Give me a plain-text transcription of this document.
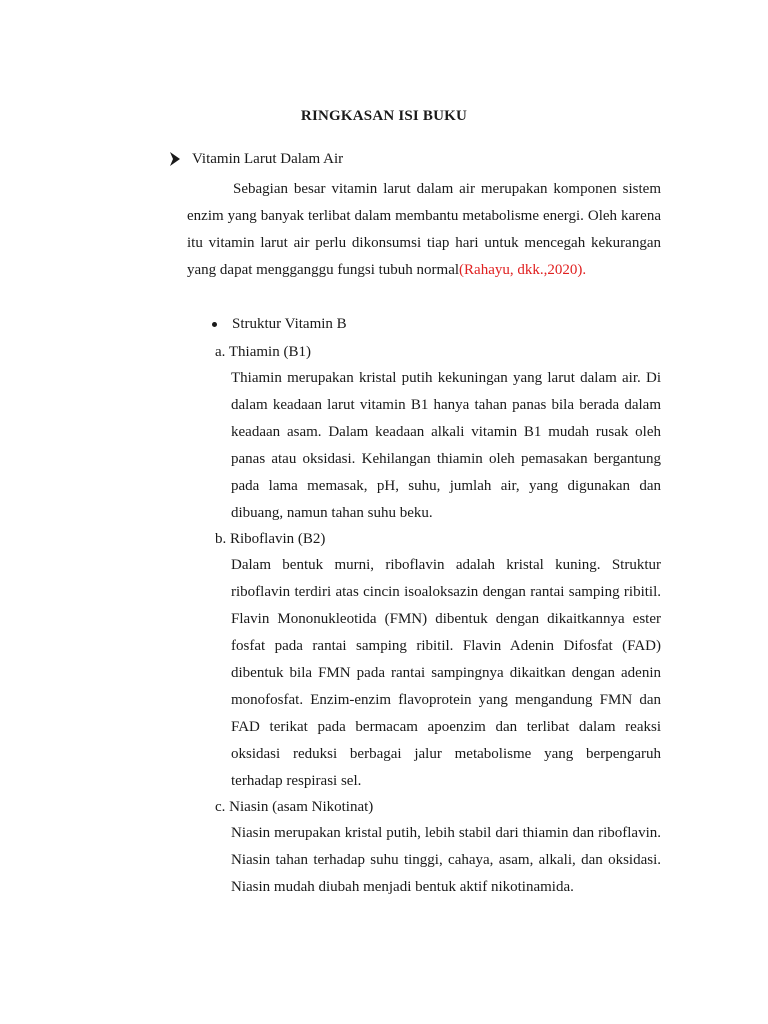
RINGKASAN ISI BUKU
Vitamin Larut Dalam Air
Sebagian besar vitamin larut dalam air merupakan komponen sistem enzim yang banyak terlibat dalam membantu metabolisme energi. Oleh karena itu vitamin larut air perlu dikonsumsi tiap hari untuk mencegah kekurangan yang dapat mengganggu fungsi tubuh normal(Rahayu, dkk.,2020).
Struktur Vitamin B
a. Thiamin (B1)
Thiamin merupakan kristal putih kekuningan yang larut dalam air. Di dalam keadaan larut vitamin B1 hanya tahan panas bila berada dalam keadaan asam. Dalam keadaan alkali vitamin B1 mudah rusak oleh panas atau oksidasi. Kehilangan thiamin oleh pemasakan bergantung pada lama memasak, pH, suhu, jumlah air, yang digunakan dan dibuang, namun tahan suhu beku.
b. Riboflavin (B2)
Dalam bentuk murni, riboflavin adalah kristal kuning. Struktur riboflavin terdiri atas cincin isoaloksazin dengan rantai samping ribitil. Flavin Mononukleotida (FMN) dibentuk dengan dikaitkannya ester fosfat pada rantai samping ribitil. Flavin Adenin Difosfat (FAD) dibentuk bila FMN pada rantai sampingnya dikaitkan dengan adenin monofosfat. Enzim-enzim flavoprotein yang mengandung FMN dan FAD terikat pada bermacam apoenzim dan terlibat dalam reaksi oksidasi reduksi berbagai jalur metabolisme yang berpengaruh terhadap respirasi sel.
c. Niasin (asam Nikotinat)
Niasin merupakan kristal putih, lebih stabil dari thiamin dan riboflavin. Niasin tahan terhadap suhu tinggi, cahaya, asam, alkali, dan oksidasi. Niasin mudah diubah menjadi bentuk aktif nikotinamida.
